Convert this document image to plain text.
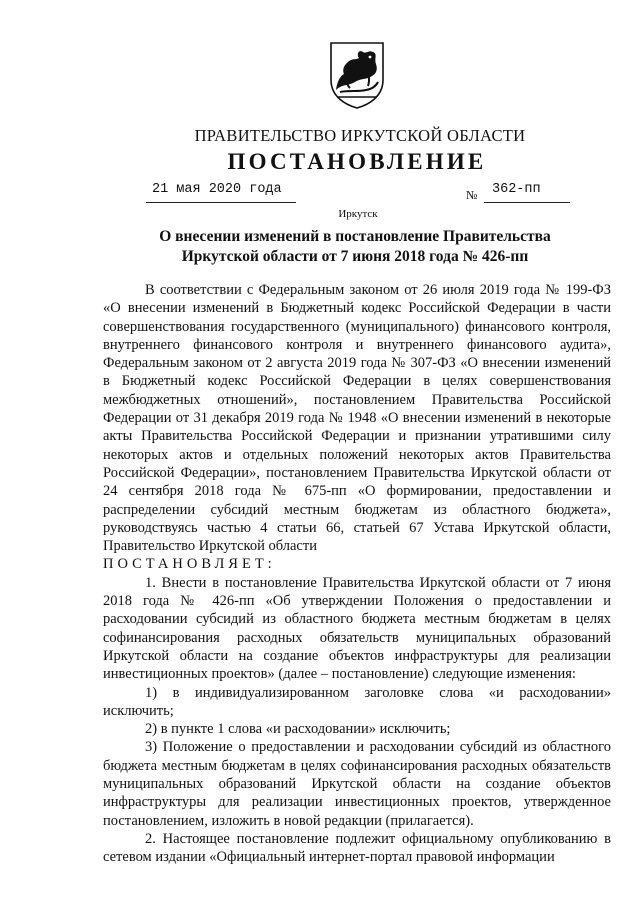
ПРАВИТЕЛЬСТВО ИРКУТСКОЙ ОБЛАСТИ
ПОСТАНОВЛЕНИЕ
21 мая 2020 года	№ 362-пп
Иркутск
О внесении изменений в постановление Правительства Иркутской области от 7 июня 2018 года № 426-пп

В соответствии с Федеральным законом от 26 июля 2019 года № 199-ФЗ «О внесении изменений в Бюджетный кодекс Российской Федерации в части совершенствования государственного (муниципального) финансового контроля, внутреннего финансового контроля и внутреннего финансового аудита», Федеральным законом от 2 августа 2019 года № 307-ФЗ «О внесении изменений в Бюджетный кодекс Российской Федерации в целях совершенствования межбюджетных отношений», постановлением Правительства Российской Федерации от 31 декабря 2019 года № 1948 «О внесении изменений в некоторые акты Правительства Российской Федерации и признании утратившими силу некоторых актов и отдельных положений некоторых актов Правительства Российской Федерации», постановлением Правительства Иркутской области от 24 сентября 2018 года № 675-пп «О формировании, предоставлении и распределении субсидий местным бюджетам из областного бюджета», руководствуясь частью 4 статьи 66, статьей 67 Устава Иркутской области, Правительство Иркутской области

ПОСТАНОВЛЯЕТ:

1. Внести в постановление Правительства Иркутской области от 7 июня 2018 года № 426-пп «Об утверждении Положения о предоставлении и расходовании субсидий из областного бюджета местным бюджетам в целях софинансирования расходных обязательств муниципальных образований Иркутской области на создание объектов инфраструктуры для реализации инвестиционных проектов» (далее – постановление) следующие изменения:

1) в индивидуализированном заголовке слова «и расходовании» исключить;

2) в пункте 1 слова «и расходовании» исключить;

3) Положение о предоставлении и расходовании субсидий из областного бюджета местным бюджетам в целях софинансирования расходных обязательств муниципальных образований Иркутской области на создание объектов инфраструктуры для реализации инвестиционных проектов, утвержденное постановлением, изложить в новой редакции (прилагается).

2. Настоящее постановление подлежит официальному опубликованию в сетевом издании «Официальный интернет-портал правовой информации
